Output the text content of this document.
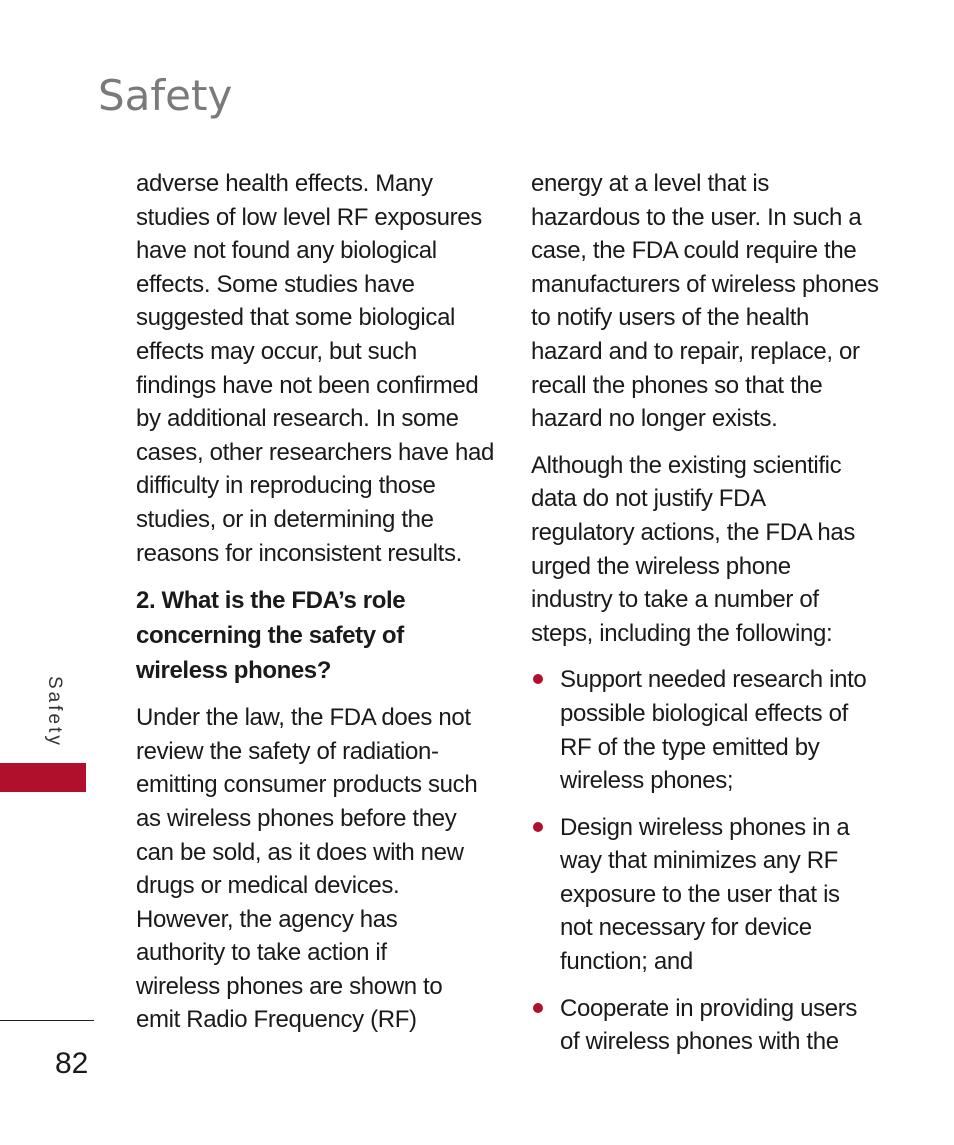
Safety

adverse health effects. Many
studies of low level RF exposures
have not found any biological
effects. Some studies have
suggested that some biological
effects may occur, but such
findings have not been confirmed
by additional research. In some
cases, other researchers have had
difficulty in reproducing those
studies, or in determining the
reasons for inconsistent results.

2. What is the FDA’s role
concerning the safety of
wireless phones?

Under the law, the FDA does not
review the safety of radiation-
emitting consumer products such
as wireless phones before they
can be sold, as it does with new
drugs or medical devices.
However, the agency has
authority to take action if
wireless phones are shown to
emit Radio Frequency (RF)

energy at a level that is
hazardous to the user. In such a
case, the FDA could require the
manufacturers of wireless phones
to notify users of the health
hazard and to repair, replace, or
recall the phones so that the
hazard no longer exists.

Although the existing scientific
data do not justify FDA
regulatory actions, the FDA has
urged the wireless phone
industry to take a number of
steps, including the following:

Support needed research into
possible biological effects of
RF of the type emitted by
wireless phones;
Design wireless phones in a
way that minimizes any RF
exposure to the user that is
not necessary for device
function; and
Cooperate in providing users
of wireless phones with the
Safety
82
